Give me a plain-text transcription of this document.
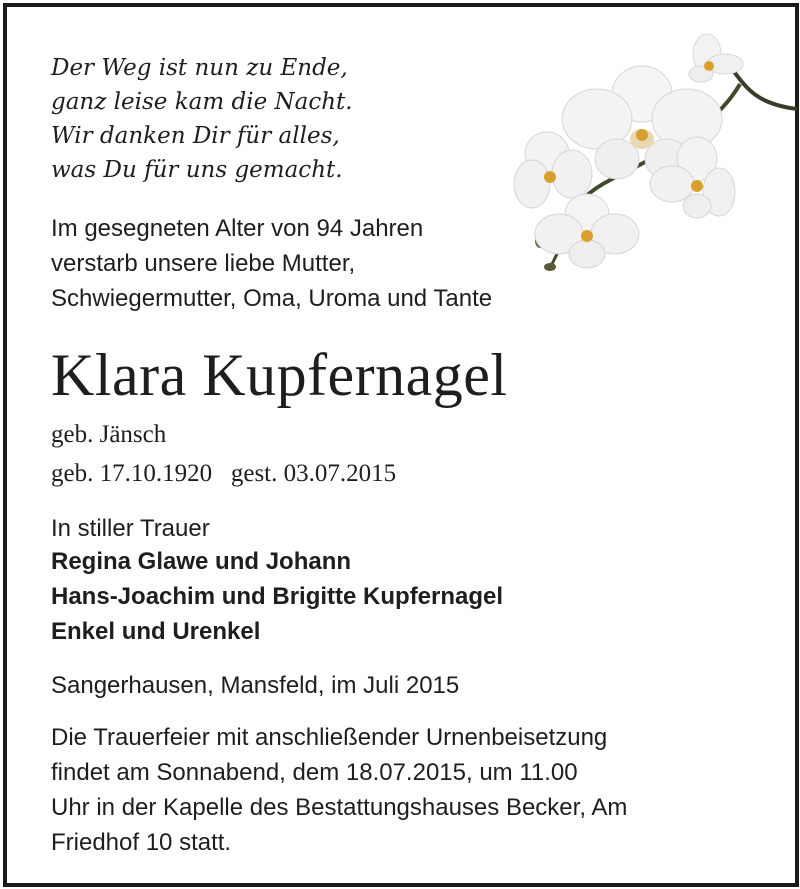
Der Weg ist nun zu Ende,
ganz leise kam die Nacht.
Wir danken Dir für alles,
was Du für uns gemacht.
Im gesegneten Alter von 94 Jahren
verstarb unsere liebe Mutter,
Schwiegermutter, Oma, Uroma und Tante
Klara Kupfernagel
geb. Jänsch
geb. 17.10.1920 gest. 03.07.2015
In stiller Trauer
Regina Glawe und Johann
Hans-Joachim und Brigitte Kupfernagel
Enkel und Urenkel
Sangerhausen, Mansfeld, im Juli 2015
Die Trauerfeier mit anschließender Urnenbeisetzung
findet am Sonnabend, dem 18.07.2015, um 11.00
Uhr in der Kapelle des Bestattungshauses Becker, Am
Friedhof 10 statt.
